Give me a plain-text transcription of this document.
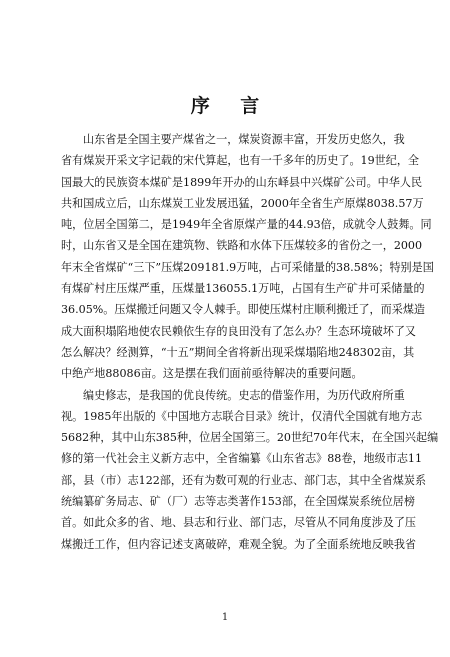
序 言
山东省是全国主要产煤省之一，煤炭资源丰富，开发历史悠久，我
省有煤炭开采文字记载的宋代算起，也有一千多年的历史了。19世纪，全
国最大的民族资本煤矿是1899年开办的山东峄县中兴煤矿公司。中华人民
共和国成立后，山东煤炭工业发展迅猛，2000年全省生产原煤8038.57万
吨，位居全国第二，是1949年全省原煤产量的44.93倍，成就令人鼓舞。同
时，山东省又是全国在建筑物、铁路和水体下压煤较多的省份之一，2000
年末全省煤矿“三下”压煤209181.9万吨，占可采储量的38.58%；特别是国
有煤矿村庄压煤严重，压煤量136055.1万吨，占国有生产矿井可采储量的
36.05%。压煤搬迁问题又令人棘手。即使压煤村庄顺利搬迁了，而采煤造
成大面积塌陷地使农民赖依生存的良田没有了怎么办？生态环境破坏了又
怎么解决？经测算，“十五”期间全省将新出现采煤塌陷地248302亩，其
中绝产地88086亩。这是摆在我们面前亟待解决的重要问题。
编史修志，是我国的优良传统。史志的借鉴作用，为历代政府所重
视。1985年出版的《中国地方志联合目录》统计，仅清代全国就有地方志
5682种，其中山东385种，位居全国第三。20世纪70年代末，在全国兴起编
修的第一代社会主义新方志中，全省编纂《山东省志》88卷，地级市志11
部，县（市）志122部，还有为数可观的行业志、部门志，其中全省煤炭系
统编纂矿务局志、矿（厂）志等志类著作153部，在全国煤炭系统位居榜
首。如此众多的省、地、县志和行业、部门志，尽管从不同角度涉及了压
煤搬迁工作，但内容记述支离破碎，难观全貌。为了全面系统地反映我省
1
